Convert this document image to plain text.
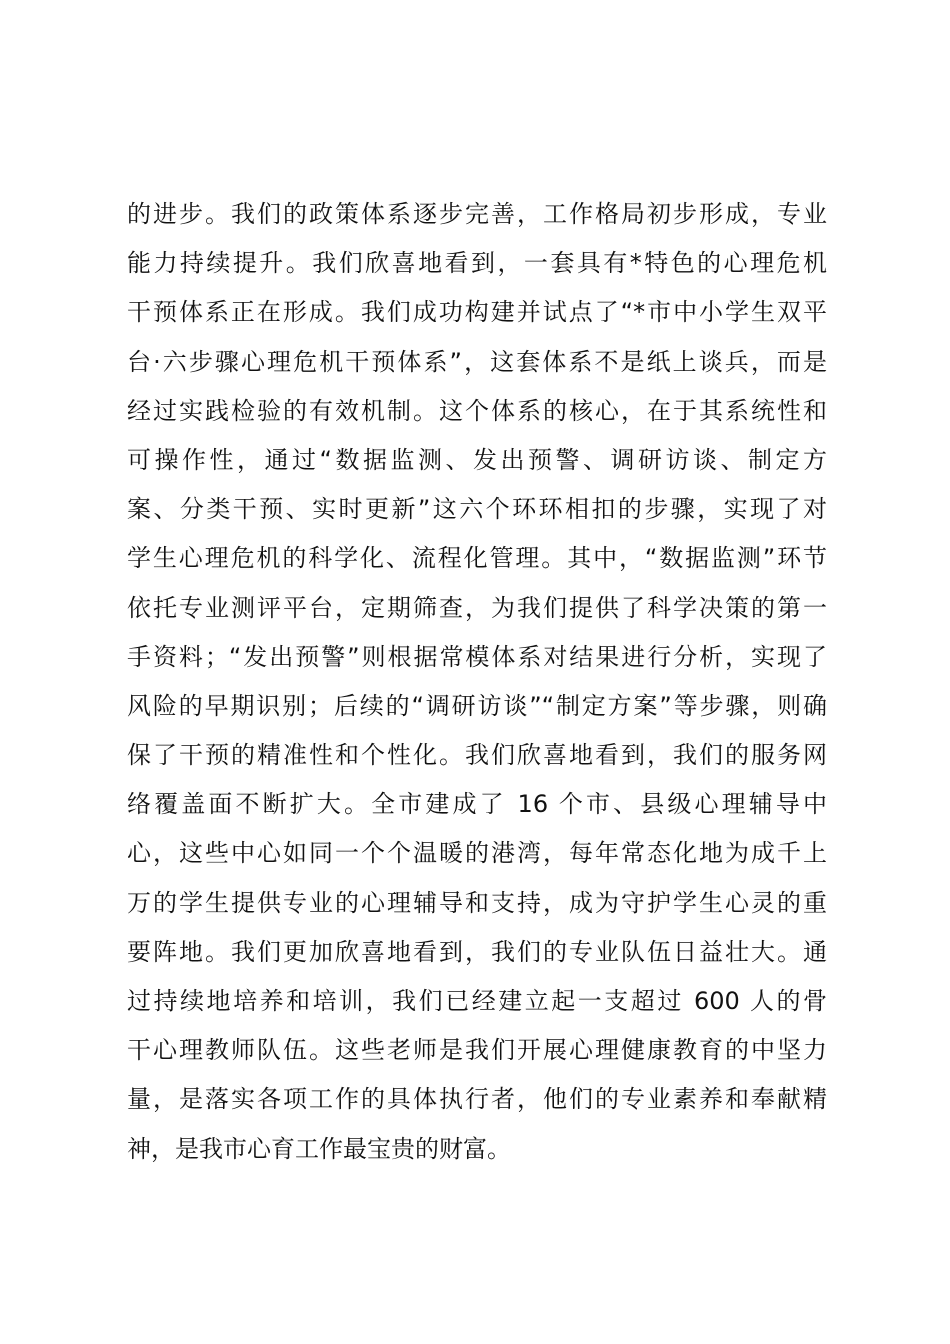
的进步。我们的政策体系逐步完善，工作格局初步形成，专业
能力持续提升。我们欣喜地看到，一套具有*特色的心理危机
干预体系正在形成。我们成功构建并试点了“*市中小学生双平
台·六步骤心理危机干预体系”，这套体系不是纸上谈兵，而是
经过实践检验的有效机制。这个体系的核心，在于其系统性和
可操作性，通过“数据监测、发出预警、调研访谈、制定方
案、分类干预、实时更新”这六个环环相扣的步骤，实现了对
学生心理危机的科学化、流程化管理。其中，“数据监测”环节
依托专业测评平台，定期筛查，为我们提供了科学决策的第一
手资料；“发出预警”则根据常模体系对结果进行分析，实现了
风险的早期识别；后续的“调研访谈”“制定方案”等步骤，则确
保了干预的精准性和个性化。我们欣喜地看到，我们的服务网
络覆盖面不断扩大。全市建成了 16 个市、县级心理辅导中
心，这些中心如同一个个温暖的港湾，每年常态化地为成千上
万的学生提供专业的心理辅导和支持，成为守护学生心灵的重
要阵地。我们更加欣喜地看到，我们的专业队伍日益壮大。通
过持续地培养和培训，我们已经建立起一支超过 600 人的骨
干心理教师队伍。这些老师是我们开展心理健康教育的中坚力
量，是落实各项工作的具体执行者，他们的专业素养和奉献精
神，是我市心育工作最宝贵的财富。
